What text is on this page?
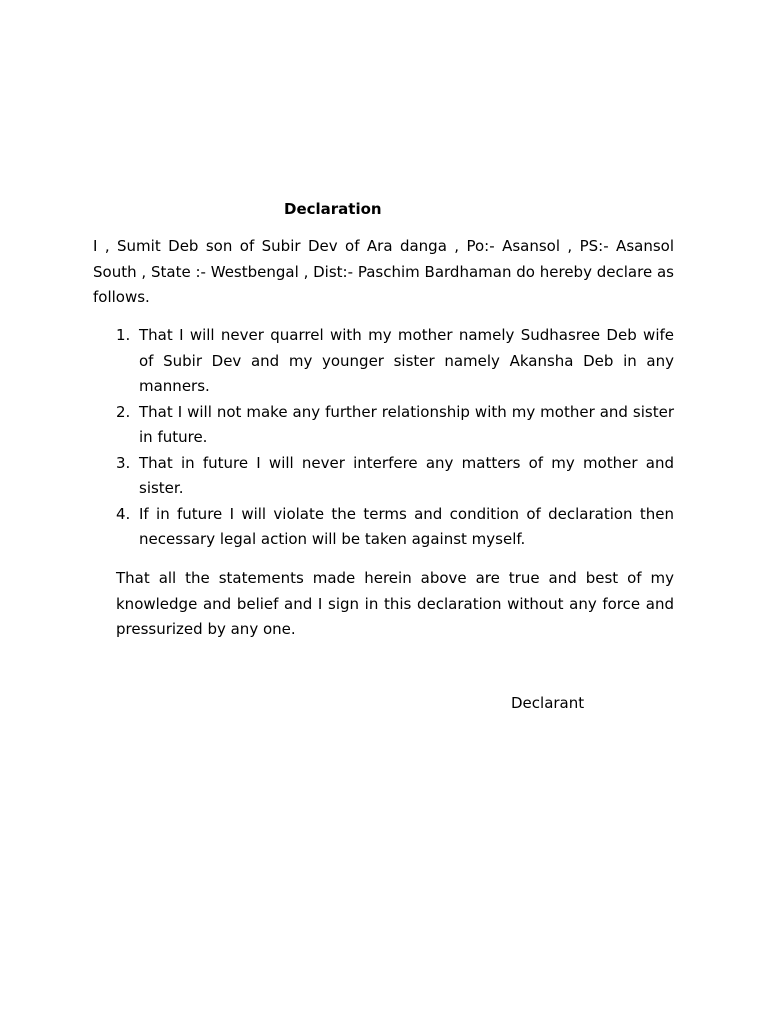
Declaration

I , Sumit Deb son of Subir Dev of Ara danga , Po:- Asansol , PS:- Asansol South , State :- Westbengal , Dist:- Paschim Bardhaman do hereby declare as follows.

1. That I will never quarrel with my mother namely Sudhasree Deb wife of Subir Dev and my younger sister namely Akansha Deb in any manners.
2. That I will not make any further relationship with my mother and sister in future.
3. That in future I will never interfere any matters of my mother and sister.
4. If in future I will violate the terms and condition of declaration then necessary legal action will be taken against myself.

That all the statements made herein above are true and best of my knowledge and belief and I sign in this declaration without any force and pressurized by any one.

Declarant
